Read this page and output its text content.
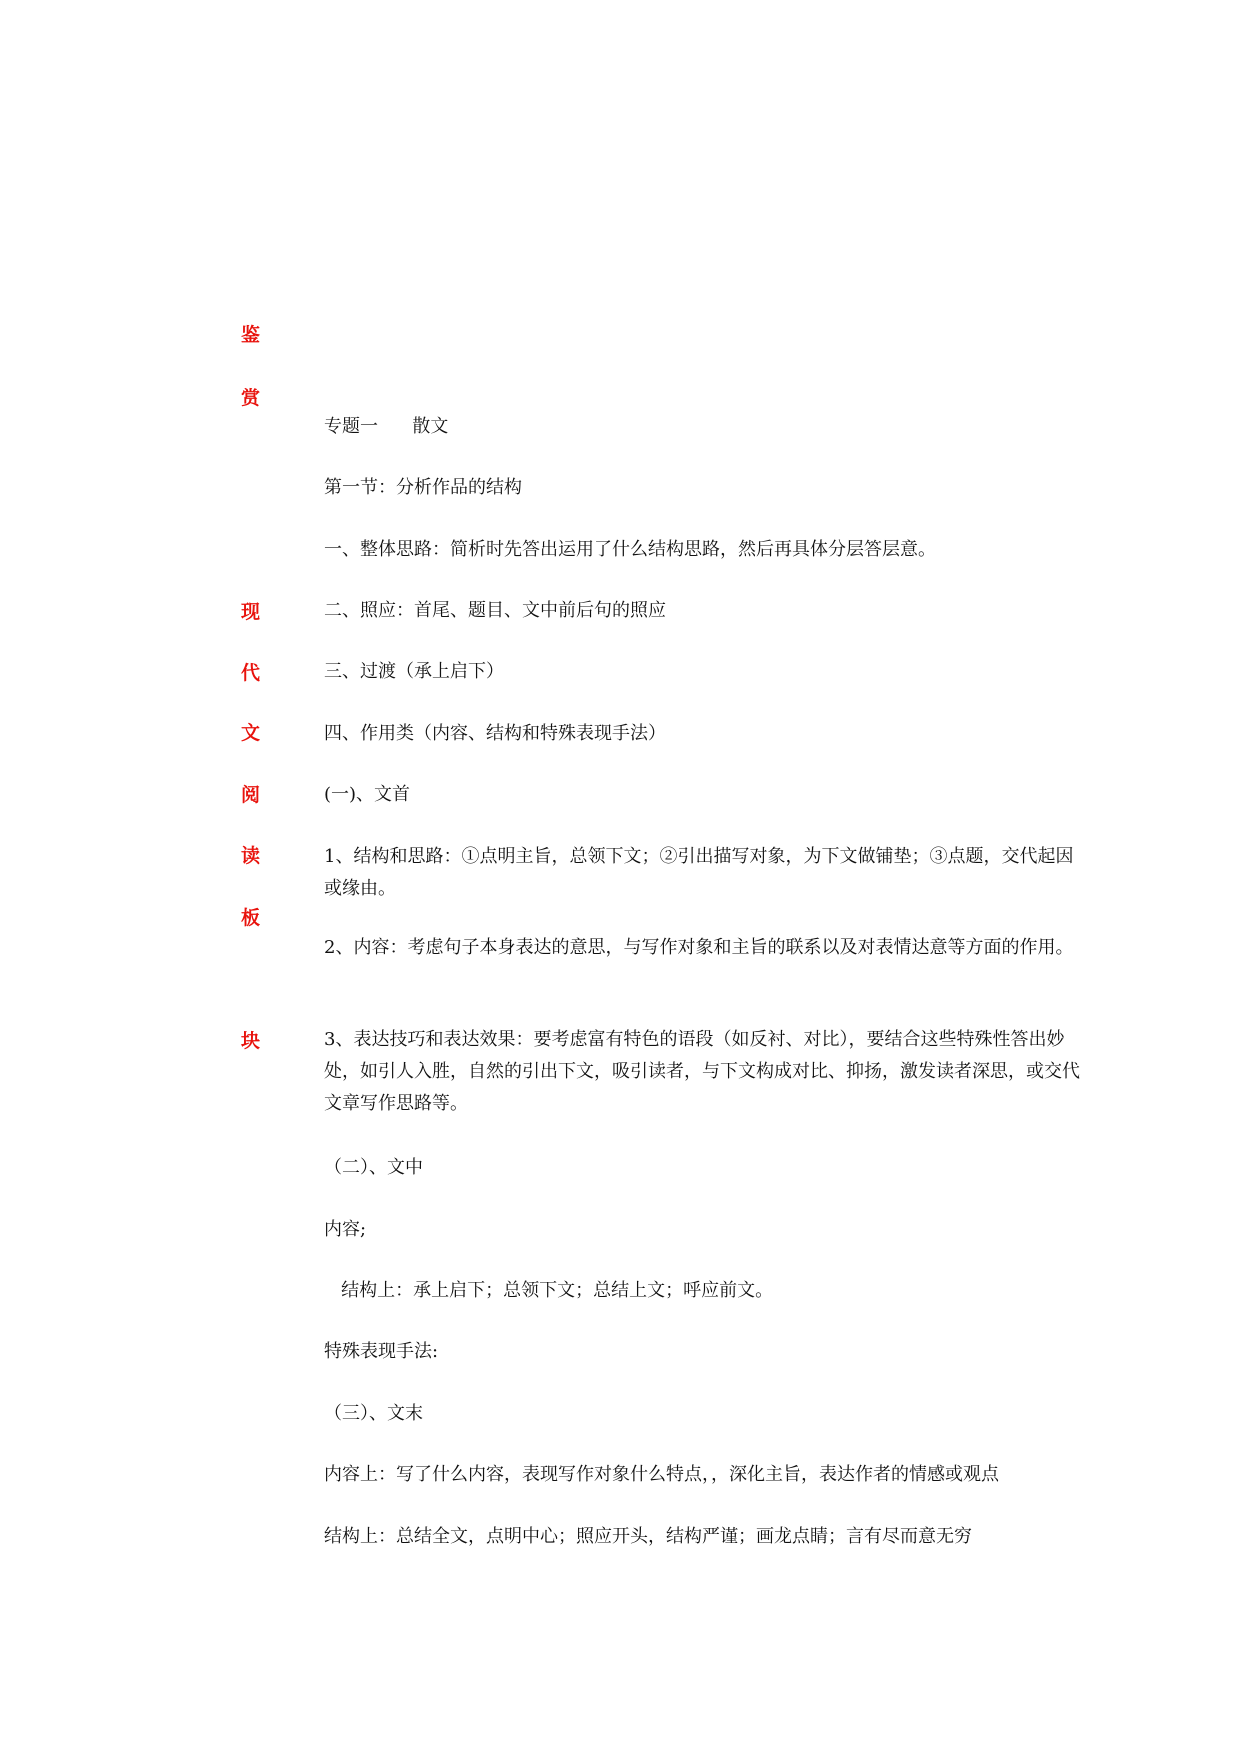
鉴
赏
现
代
文
阅
读
板
块
专题一      散文
第一节：分析作品的结构
一、整体思路：简析时先答出运用了什么结构思路，然后再具体分层答层意。
二、照应：首尾、题目、文中前后句的照应
三、过渡（承上启下）
四、作用类（内容、结构和特殊表现手法）
(一)、文首
1、结构和思路：①点明主旨，总领下文；②引出描写对象，为下文做铺垫；③点题，交代起因或缘由。
2、内容：考虑句子本身表达的意思，与写作对象和主旨的联系以及对表情达意等方面的作用。
3、表达技巧和表达效果：要考虑富有特色的语段（如反衬、对比），要结合这些特殊性答出妙处，如引人入胜，自然的引出下文，吸引读者，与下文构成对比、抑扬，激发读者深思，或交代文章写作思路等。
（二）、文中
内容;
结构上：承上启下；总领下文；总结上文；呼应前文。
特殊表现手法:
（三）、文末
内容上：写了什么内容，表现写作对象什么特点，，深化主旨，表达作者的情感或观点
结构上：总结全文，点明中心；照应开头，结构严谨；画龙点睛；言有尽而意无穷
